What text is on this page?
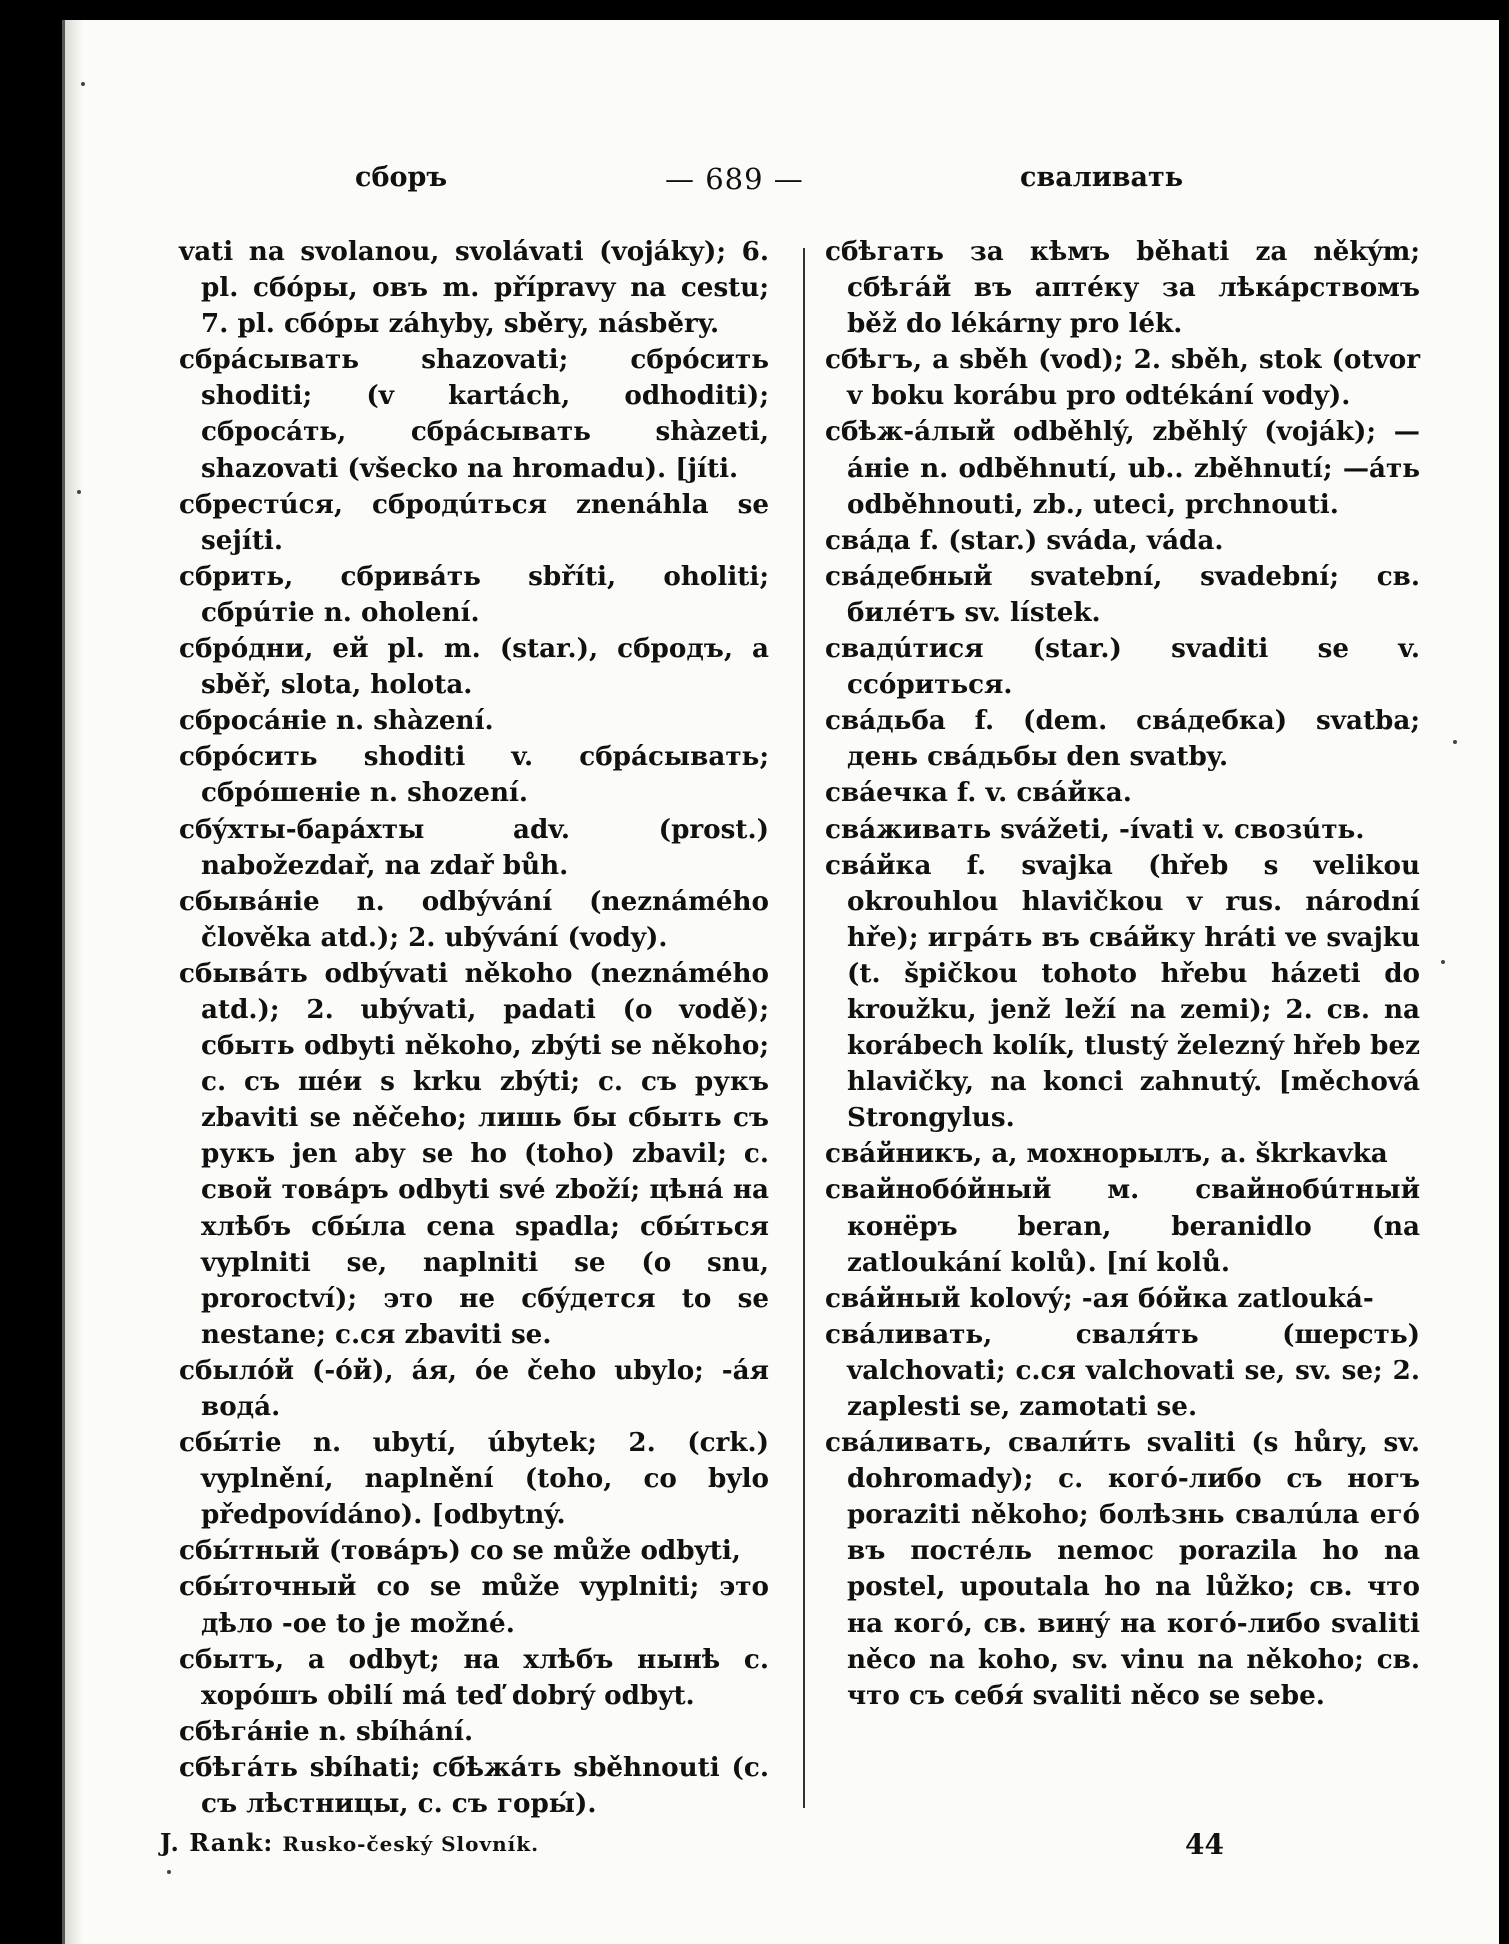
сборъ	— 689 —	сваливать

vati na svolanou, svolávati (vojáky); 6. pl. сбóры, овъ m. přípravy na cestu; 7. pl. сбóры záhyby, sběry, násběry.

сбрáсывать shazovati; сбрóсить shoditi; (v kartách, odhoditi); сбросáть, сбрáсывать shàzeti, shazovati (všecko na hromadu). [jíti.

сбрестúся, сбродúться znenáhla se sejíti.

сбрить, сбривáть sbříti, oholiti; сбрúтie n. oholení.

сбрóдни, ей pl. m. (star.), сбродъ, a sběř, slota, holota.

сбросáнie n. shàzení.

сбрóсить shoditi v. сбрáсывать; сбрóшенie n. shození.

сбýхты-барáхты adv. (prost.) nabožezdař, na zdař bůh.

сбывáнie n. odbývání (neznámého člověka atd.); 2. ubývání (vody).

сбывáть odbývati někoho (neznámého atd.); 2. ubývati, padati (o vodě); сбыть odbyti někoho, zbýti se někoho; c. съ шéи s krku zbýti; c. съ рукъ zbaviti se něčeho; лишь бы сбыть съ рукъ jen aby se ho (toho) zbavil; c. свой товáръ odbyti své zboží; цѣнá на хлѣбъ сбы́ла cena spadla; сбы́ться vyplniti se, naplniti se (o snu, proroctví); это не сбýдется to se nestane; c.ся zbaviti se.

сбылóй (-óй), áя, óe čeho ubylo; -áя водá.

сбы́тie n. ubytí, úbytek; 2. (crk.) vyplnění, naplnění (toho, co bylo předpovídáno). [odbytný.

сбы́тный (товáръ) co se může odbyti,

сбы́точный co se může vyplniti; это дѣло -ое to je možné.

сбытъ, a odbyt; на хлѣбъ нынѣ c. хорóшъ obilí má teď dobrý odbyt.

сбѣгáнie n. sbíhání.

сбѣгáть sbíhati; сбѣжáть sběhnouti (c. съ лѣстницы, c. съ горы́).

сбѣгать за кѣмъ běhati za někým; сбѣгáй въ аптéку за лѣкáрствомъ běž do lékárny pro lék.

сбѣгъ, a sběh (vod); 2. sběh, stok (otvor v boku korábu pro odtékání vody).

сбѣж-áлый odběhlý, zběhlý (voják); —áнie n. odběhnutí, ub.. zběhnutí; —áть odběhnouti, zb., uteci, prchnouti.

свáда f. (star.) sváda, váda.

свáдебный svatební, svadební; св. билéтъ sv. lístek.

свадúтися (star.) svaditi se v. ссóриться.

свáдьба f. (dem. свáдебка) svatba; день свáдьбы den svatby.

свáечка f. v. свáйка.

свáживать svážeti, -ívati v. свозúть.

свáйка f. svajka (hřeb s velikou okrouhlou hlavičkou v rus. národní hře); игрáть въ свáйку hráti ve svajku (t. špičkou tohoto hřebu házeti do kroužku, jenž leží na zemi); 2. св. na korábech kolík, tlustý železný hřeb bez hlavičky, na konci zahnutý. [měchová Strongylus.

свáйникъ, a, мохнорылъ, a. škrkavka

свайнобóйный м. свайнобúтный конёръ beran, beranidlo (na zatloukání kolů). [ní kolů.

свáйный kolový; -ая бóйка zatlouká-

свáливать, сваля́ть (шерсть) valchovati; c.ся valchovati se, sv. se; 2. zaplesti se, zamotati se.

свáливать, свали́ть svaliti (s hůry, sv. dohromady); c. когó-либо съ ногъ poraziti někoho; болѣзнь свалúла егó въ постéль nemoc porazila ho na postel, upoutala ho na lůžko; св. что на когó, св. винý на когó-либо svaliti něco na koho, sv. vinu na někoho; св. что съ себя́ svaliti něco se sebe.

J. Rank: Rusko-český Slovník.	44
